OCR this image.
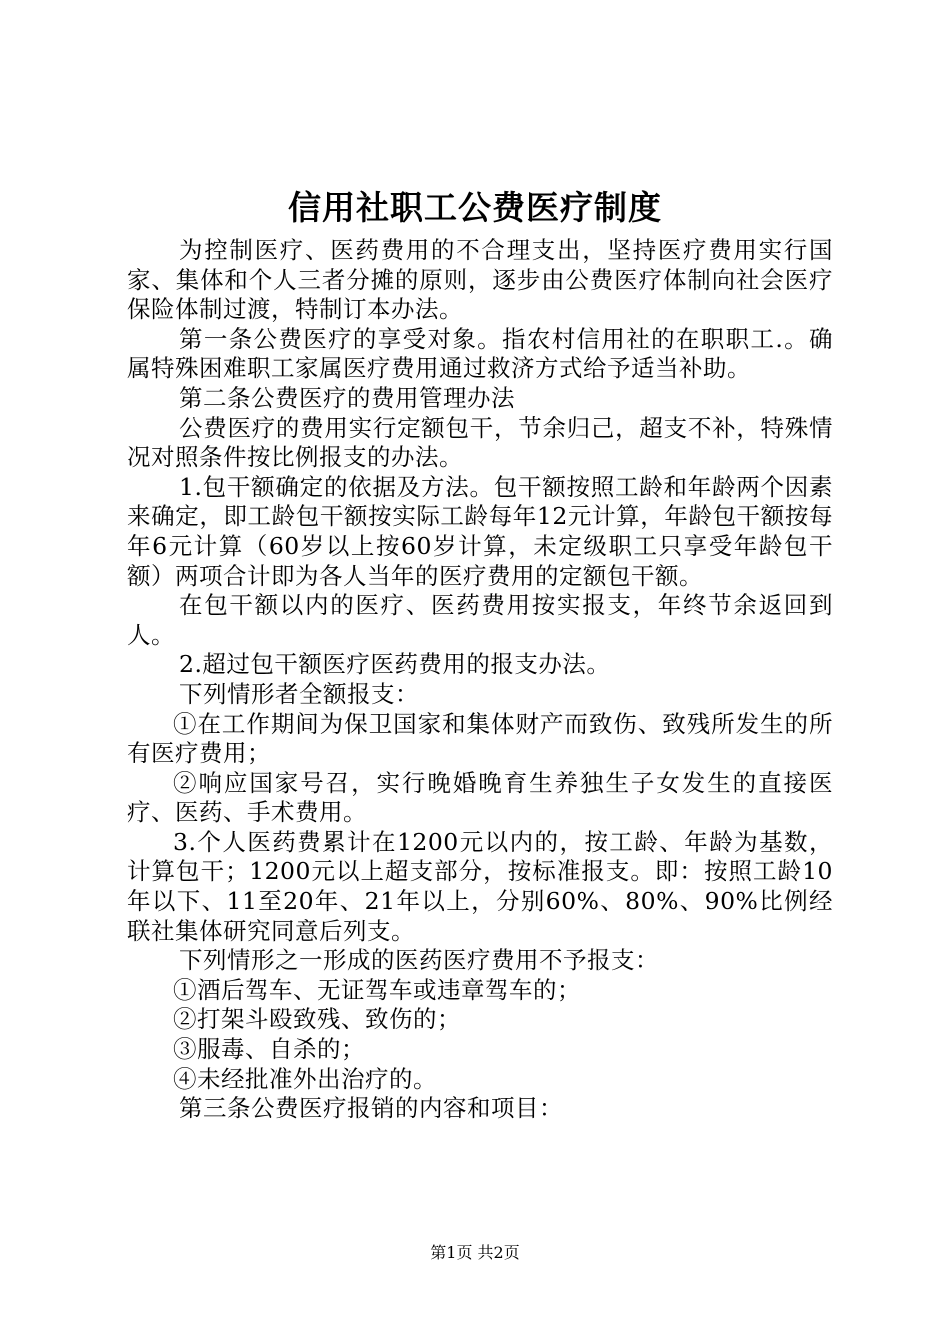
信用社职工公费医疗制度

为控制医疗、医药费用的不合理支出，坚持医疗费用实行国家、集体和个人三者分摊的原则，逐步由公费医疗体制向社会医疗保险体制过渡，特制订本办法。

第一条公费医疗的享受对象。指农村信用社的在职职工.。确属特殊困难职工家属医疗费用通过救济方式给予适当补助。

第二条公费医疗的费用管理办法

公费医疗的费用实行定额包干，节余归己，超支不补，特殊情况对照条件按比例报支的办法。

1.包干额确定的依据及方法。包干额按照工龄和年龄两个因素来确定，即工龄包干额按实际工龄每年12元计算，年龄包干额按每年6元计算（60岁以上按60岁计算，未定级职工只享受年龄包干额）两项合计即为各人当年的医疗费用的定额包干额。

在包干额以内的医疗、医药费用按实报支，年终节余返回到人。

2.超过包干额医疗医药费用的报支办法。

下列情形者全额报支：

①在工作期间为保卫国家和集体财产而致伤、致残所发生的所有医疗费用；

②响应国家号召，实行晚婚晚育生养独生子女发生的直接医疗、医药、手术费用。

3.个人医药费累计在1200元以内的，按工龄、年龄为基数，计算包干；1200元以上超支部分，按标准报支。即：按照工龄10年以下、11至20年、21年以上，分别60%、80%、90%比例经联社集体研究同意后列支。

下列情形之一形成的医药医疗费用不予报支：

①酒后驾车、无证驾车或违章驾车的；

②打架斗殴致残、致伤的；

③服毒、自杀的；

④未经批准外出治疗的。

第三条公费医疗报销的内容和项目：

第1页 共2页
